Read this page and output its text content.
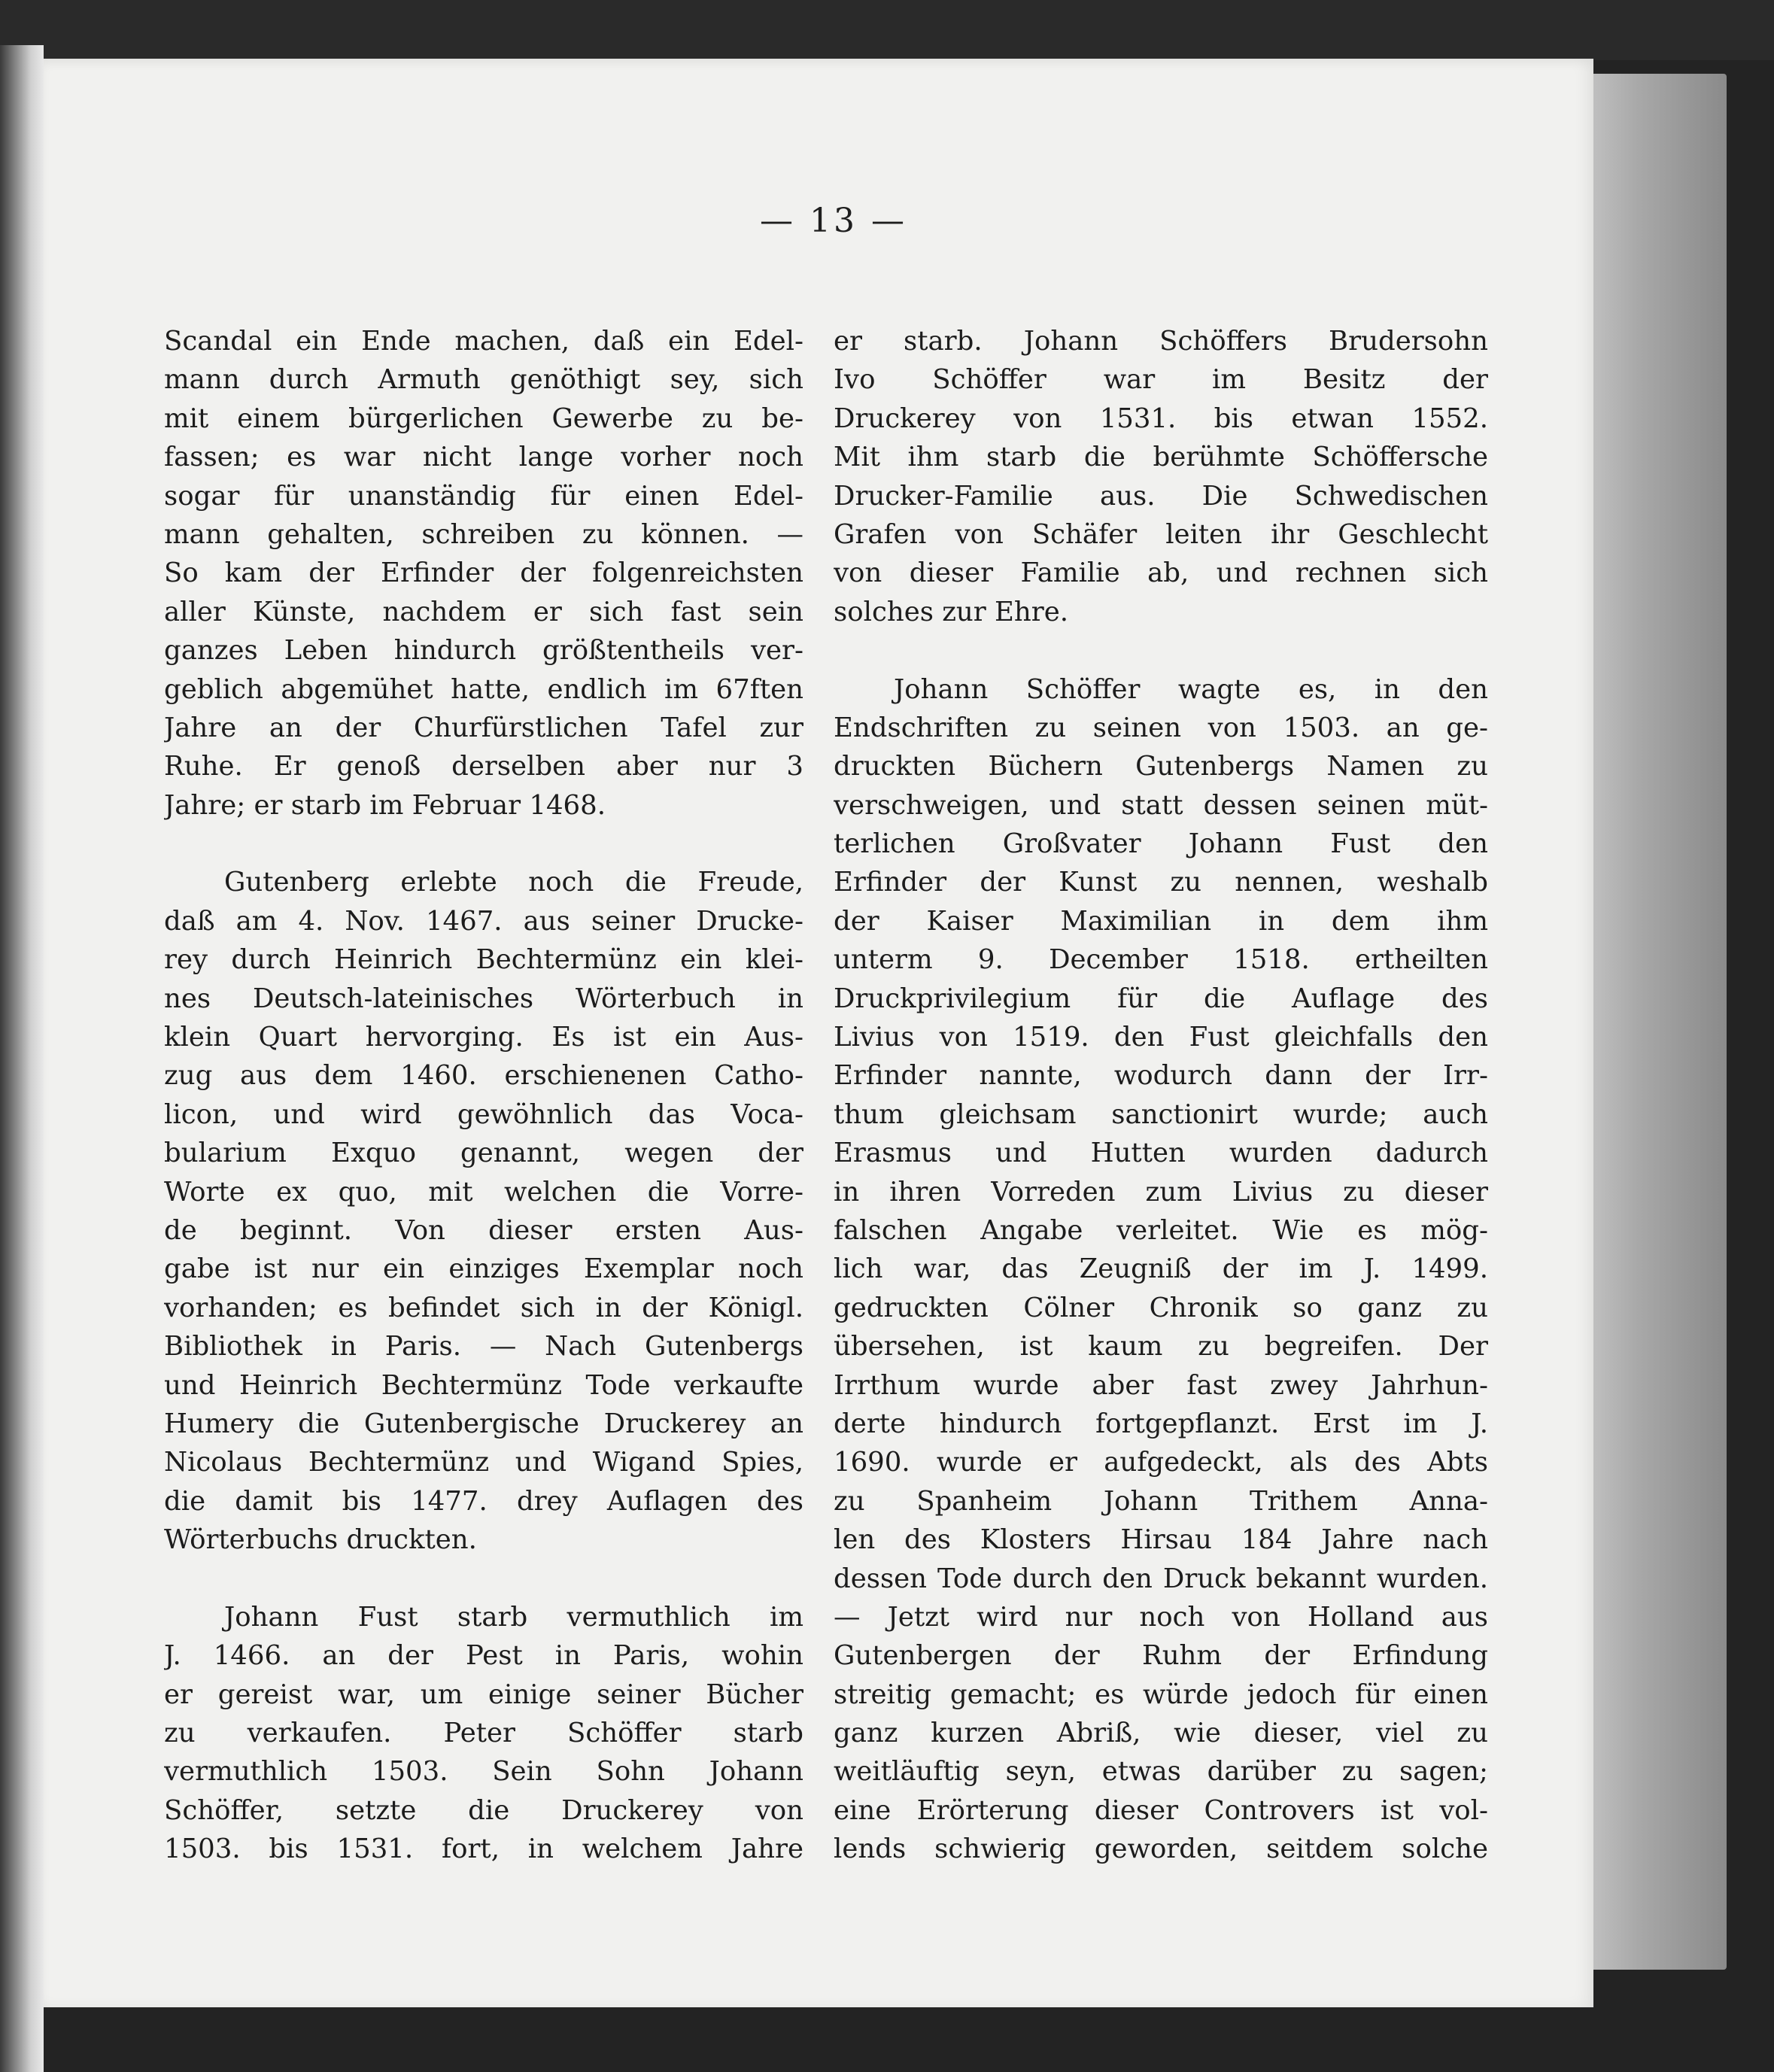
— 13 —
Scandal ein Ende machen, daß ein Edel-
mann durch Armuth genöthigt sey, sich
mit einem bürgerlichen Gewerbe zu be-
fassen; es war nicht lange vorher noch
sogar für unanständig für einen Edel-
mann gehalten, schreiben zu können. —
So kam der Erfinder der folgenreichsten
aller Künste, nachdem er sich fast sein
ganzes Leben hindurch größtentheils ver-
geblich abgemühet hatte, endlich im 67ften
Jahre an der Churfürstlichen Tafel zur
Ruhe. Er genoß derselben aber nur 3
Jahre; er starb im Februar 1468.
Gutenberg erlebte noch die Freude,
daß am 4. Nov. 1467. aus seiner Drucke-
rey durch Heinrich Bechtermünz ein klei-
nes Deutsch-lateinisches Wörterbuch in
klein Quart hervorging. Es ist ein Aus-
zug aus dem 1460. erschienenen Catho-
licon, und wird gewöhnlich das Voca-
bularium Exquo genannt, wegen der
Worte ex quo, mit welchen die Vorre-
de beginnt. Von dieser ersten Aus-
gabe ist nur ein einziges Exemplar noch
vorhanden; es befindet sich in der Königl.
Bibliothek in Paris. — Nach Gutenbergs
und Heinrich Bechtermünz Tode verkaufte
Humery die Gutenbergische Druckerey an
Nicolaus Bechtermünz und Wigand Spies,
die damit bis 1477. drey Auflagen des
Wörterbuchs druckten.
Johann Fust starb vermuthlich im
J. 1466. an der Pest in Paris, wohin
er gereist war, um einige seiner Bücher
zu verkaufen. Peter Schöffer starb
vermuthlich 1503. Sein Sohn Johann
Schöffer, setzte die Druckerey von
1503. bis 1531. fort, in welchem Jahre
er starb. Johann Schöffers Brudersohn
Ivo Schöffer war im Besitz der
Druckerey von 1531. bis etwan 1552.
Mit ihm starb die berühmte Schöffersche
Drucker-Familie aus. Die Schwedischen
Grafen von Schäfer leiten ihr Geschlecht
von dieser Familie ab, und rechnen sich
solches zur Ehre.
Johann Schöffer wagte es, in den
Endschriften zu seinen von 1503. an ge-
druckten Büchern Gutenbergs Namen zu
verschweigen, und statt dessen seinen müt-
terlichen Großvater Johann Fust den
Erfinder der Kunst zu nennen, weshalb
der Kaiser Maximilian in dem ihm
unterm 9. December 1518. ertheilten
Druckprivilegium für die Auflage des
Livius von 1519. den Fust gleichfalls den
Erfinder nannte, wodurch dann der Irr-
thum gleichsam sanctionirt wurde; auch
Erasmus und Hutten wurden dadurch
in ihren Vorreden zum Livius zu dieser
falschen Angabe verleitet. Wie es mög-
lich war, das Zeugniß der im J. 1499.
gedruckten Cölner Chronik so ganz zu
übersehen, ist kaum zu begreifen. Der
Irrthum wurde aber fast zwey Jahrhun-
derte hindurch fortgepflanzt. Erst im J.
1690. wurde er aufgedeckt, als des Abts
zu Spanheim Johann Trithem Anna-
len des Klosters Hirsau 184 Jahre nach
dessen Tode durch den Druck bekannt wurden.
— Jetzt wird nur noch von Holland aus
Gutenbergen der Ruhm der Erfindung
streitig gemacht; es würde jedoch für einen
ganz kurzen Abriß, wie dieser, viel zu
weitläuftig seyn, etwas darüber zu sagen;
eine Erörterung dieser Controvers ist vol-
lends schwierig geworden, seitdem solche
